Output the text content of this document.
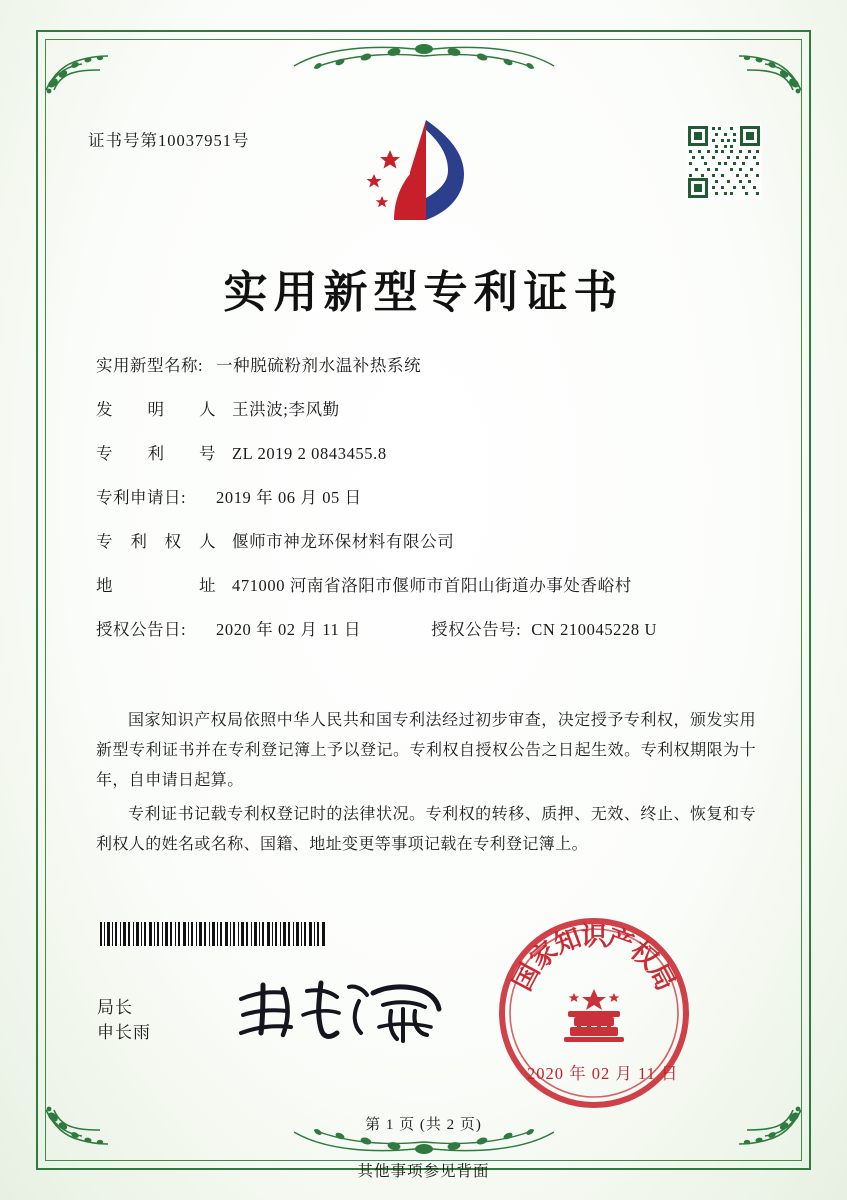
证书号第10037951号
实用新型专利证书
实用新型名称: 一种脱硫粉剂水温补热系统
发 明 人 王洪波;李风勤
专 利 号 ZL 2019 2 0843455.8
专利申请日:	2019 年 06 月 05 日
专 利 权 人 偃师市神龙环保材料有限公司
地 址 471000 河南省洛阳市偃师市首阳山街道办事处香峪村
授权公告日:	2020 年 02 月 11 日	授权公告号: CN 210045228 U

国家知识产权局依照中华人民共和国专利法经过初步审查，决定授予专利权，颁发实用新型专利证书并在专利登记簿上予以登记。专利权自授权公告之日起生效。专利权期限为十年，自申请日起算。

专利证书记载专利权登记时的法律状况。专利权的转移、质押、无效、终止、恢复和专利权人的姓名或名称、国籍、地址变更等事项记载在专利登记簿上。

局长
申长雨
国
家
知
识
产
权
局
2020 年 02 月 11 日
第 1 页 (共 2 页)
其他事项参见背面
